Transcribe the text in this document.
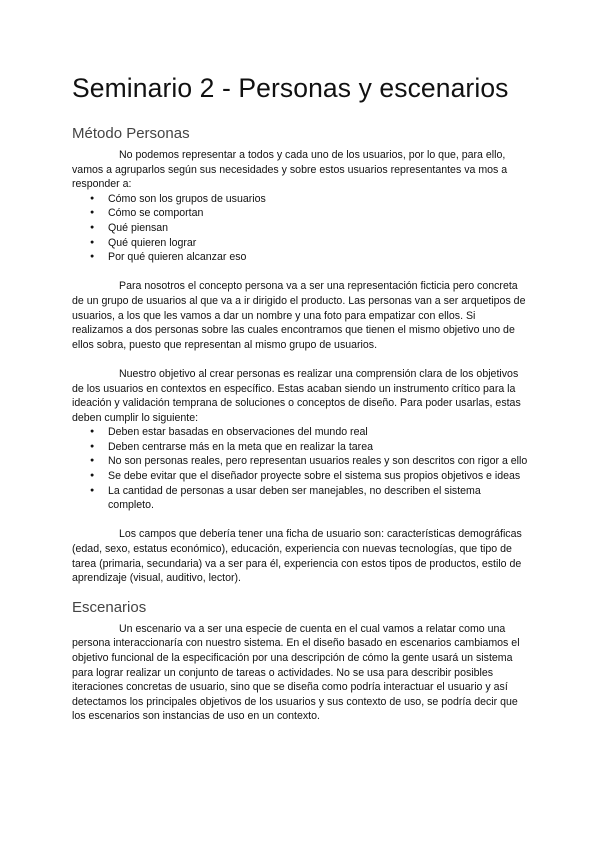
Seminario 2 - Personas y escenarios
Método Personas

No podemos representar a todos y cada uno de los usuarios, por lo que, para ello, vamos a agruparlos según sus necesidades y sobre estos usuarios representantes va mos a responder a:

● Cómo son los grupos de usuarios
● Cómo se comportan
● Qué piensan
● Qué quieren lograr
● Por qué quieren alcanzar eso

Para nosotros el concepto persona va a ser una representación ficticia pero concreta de un grupo de usuarios al que va a ir dirigido el producto. Las personas van a ser arquetipos de usuarios, a los que les vamos a dar un nombre y una foto para empatizar con ellos. Si realizamos a dos personas sobre las cuales encontramos que tienen el mismo objetivo uno de ellos sobra, puesto que representan al mismo grupo de usuarios.

Nuestro objetivo al crear personas es realizar una comprensión clara de los objetivos de los usuarios en contextos en específico. Estas acaban siendo un instrumento crítico para la ideación y validación temprana de soluciones o conceptos de diseño. Para poder usarlas, estas deben cumplir lo siguiente:

● Deben estar basadas en observaciones del mundo real
● Deben centrarse más en la meta que en realizar la tarea
● No son personas reales, pero representan usuarios reales y son descritos con rigor a ello
● Se debe evitar que el diseñador proyecte sobre el sistema sus propios objetivos e ideas
● La cantidad de personas a usar deben ser manejables, no describen el sistema completo.

Los campos que debería tener una ficha de usuario son: características demográficas (edad, sexo, estatus económico), educación, experiencia con nuevas tecnologías, que tipo de tarea (primaria, secundaria) va a ser para él, experiencia con estos tipos de productos, estilo de aprendizaje (visual, auditivo, lector).

Escenarios

Un escenario va a ser una especie de cuenta en el cual vamos a relatar como una persona interaccionaría con nuestro sistema. En el diseño basado en escenarios cambiamos el objetivo funcional de la especificación por una descripción de cómo la gente usará un sistema para lograr realizar un conjunto de tareas o actividades. No se usa para describir posibles iteraciones concretas de usuario, sino que se diseña como podría interactuar el usuario y así detectamos los principales objetivos de los usuarios y sus contexto de uso, se podría decir que los escenarios son instancias de uso en un contexto.
